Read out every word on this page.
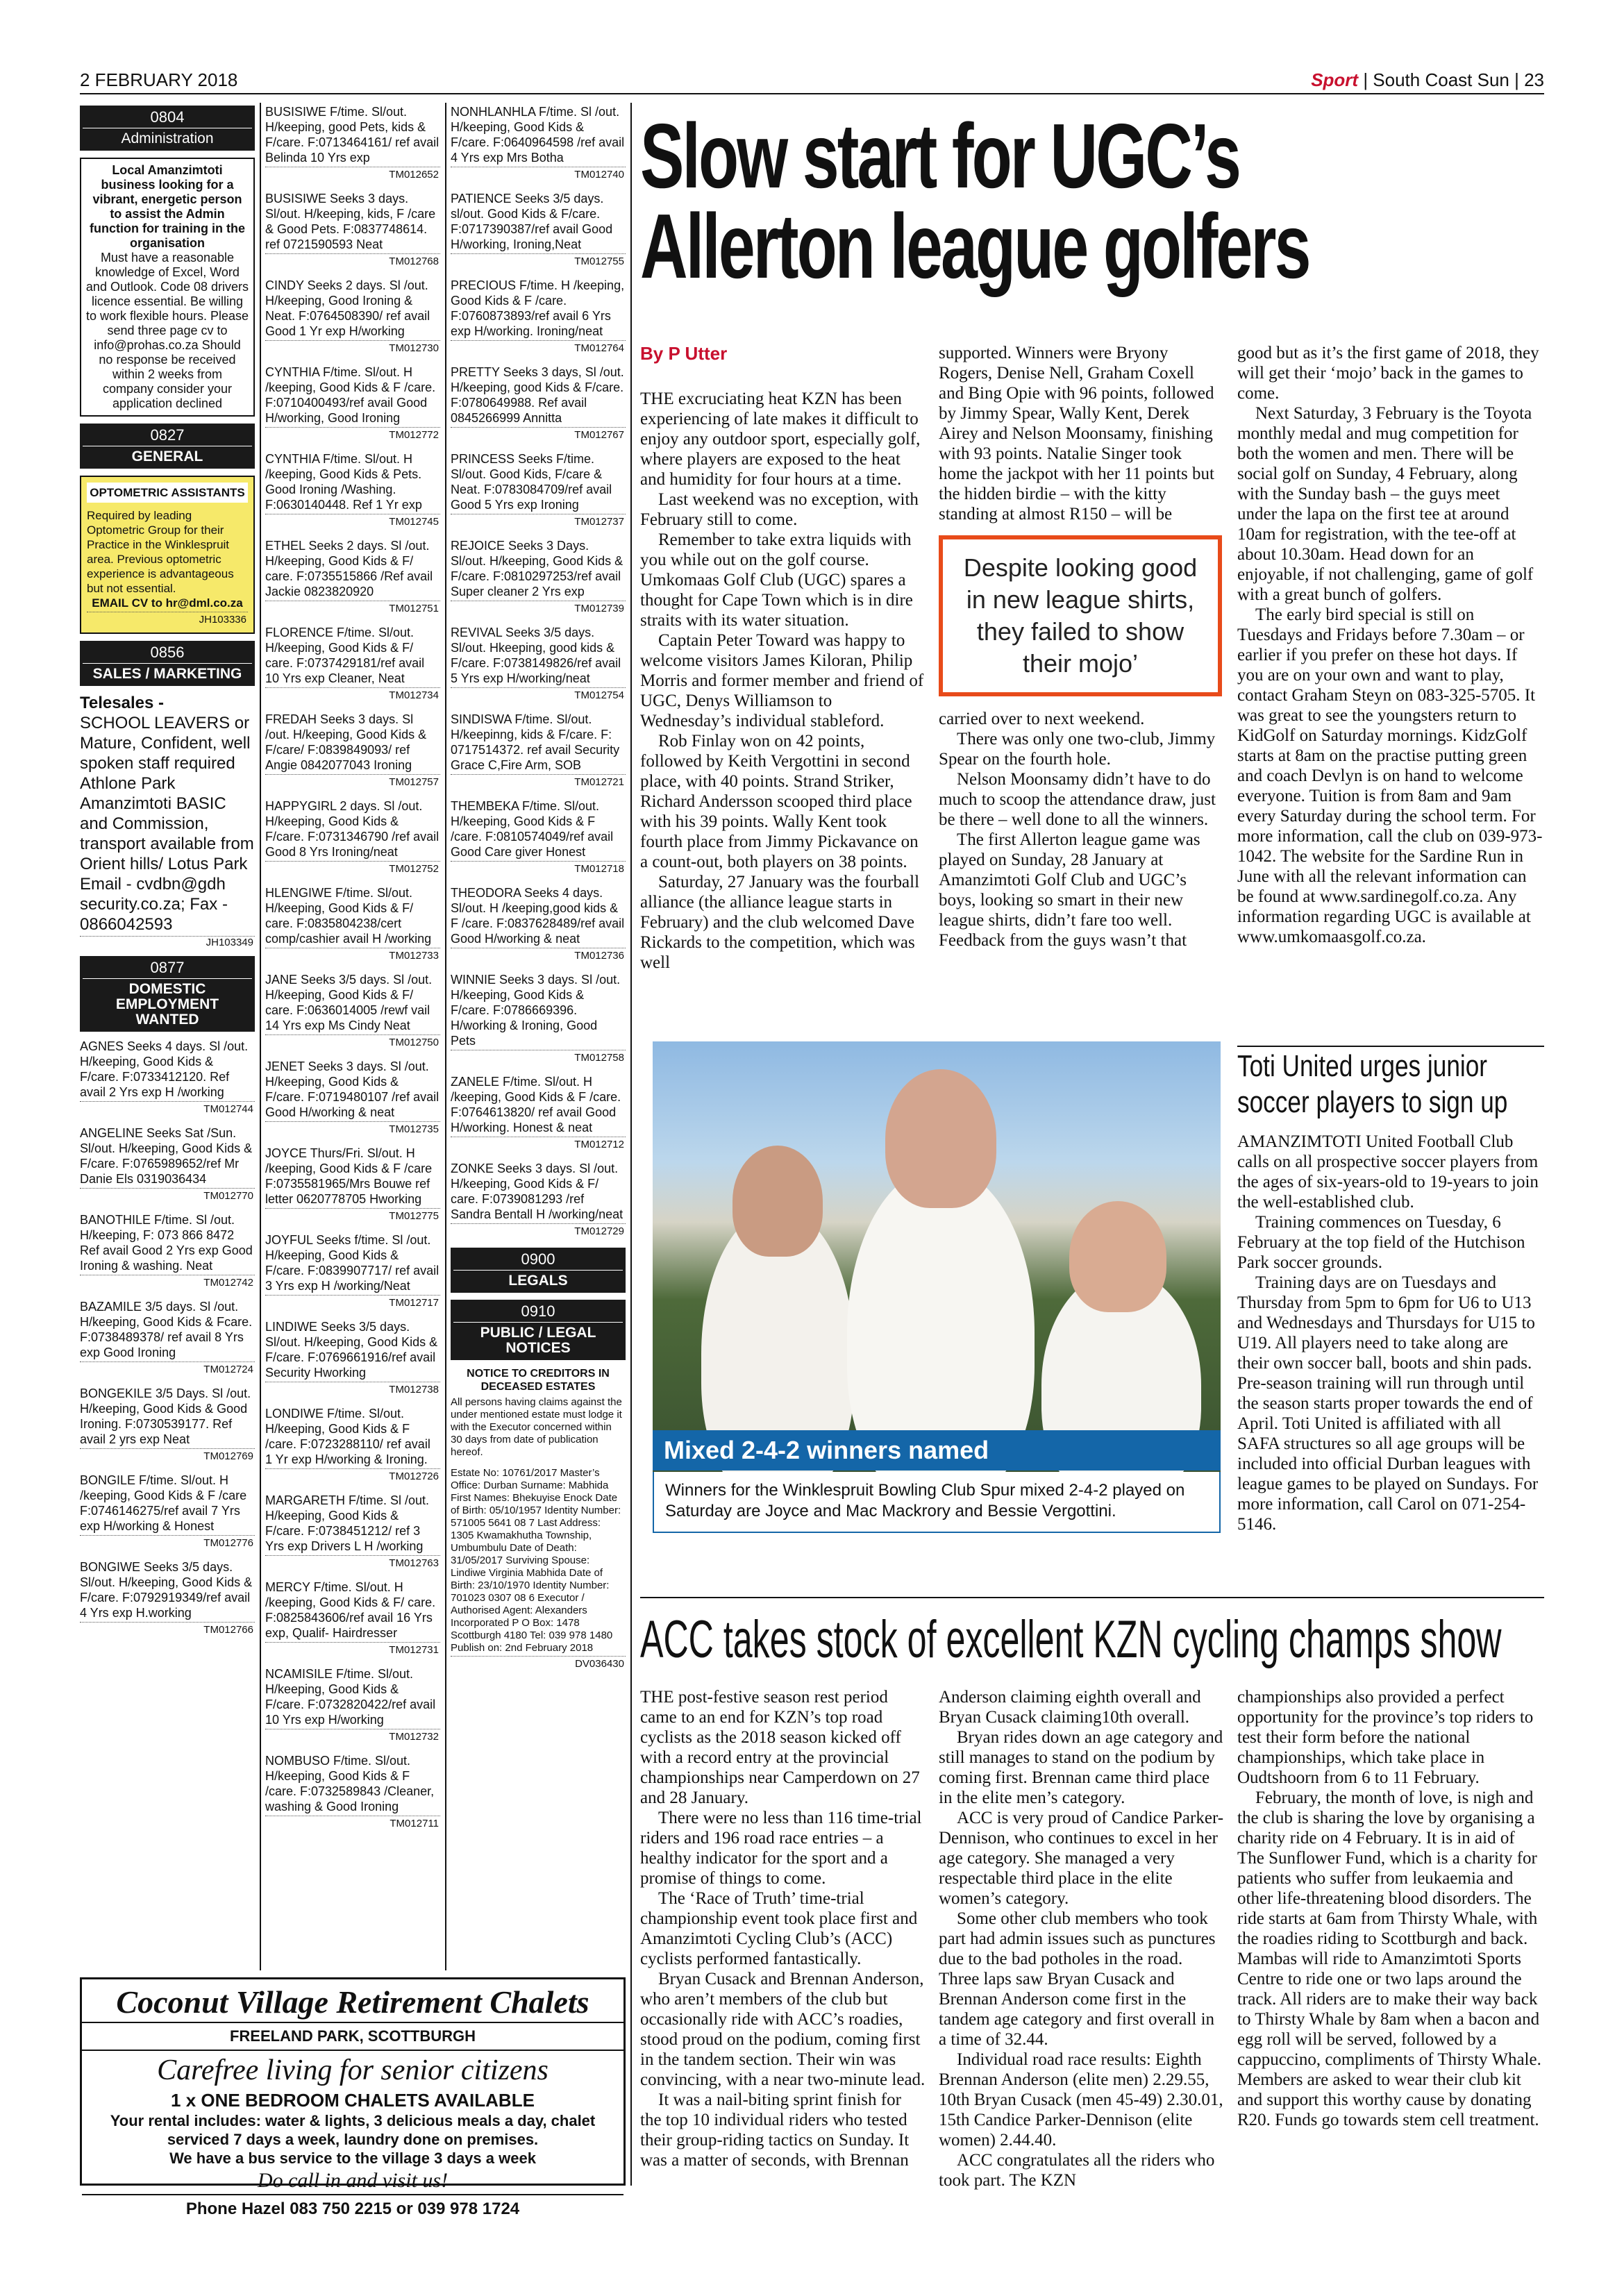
2 FEBRUARY 2018	Sport | South Coast Sun | 23
0804
Administration
Local Amanzimtoti business looking for a vibrant, energetic person to assist the Admin function for training in the organisation
Must have a reasonable knowledge of Excel, Word and Outlook. Code 08 drivers licence essential. Be willing to work flexible hours. Please send three page cv to info@prohas.co.za Should no response be received within 2 weeks from company consider your application declined
0827
GENERAL
OPTOMETRIC ASSISTANTS
Required by leading Optometric Group for their Practice in the Winklespruit area. Previous optometric experience is advantageous but not essential.
EMAIL CV to hr@dml.co.za
JH103336
0856
SALES / MARKETING
Telesales -
SCHOOL LEAVERS or Mature, Confident, well spoken staff required Athlone Park Amanzimtoti BASIC and Commission, transport available from Orient hills/ Lotus Park Email - cvdbn@gdh security.co.za; Fax - 0866042593
JH103349
0877
DOMESTIC EMPLOYMENT WANTED
AGNES Seeks 4 days. Sl /out. H/keeping, Good Kids & F/care. F:0733412120. Ref avail 2 Yrs exp H /working
TM012744
ANGELINE Seeks Sat /Sun. Sl/out. H/keeping, Good Kids & F/care. F:0765989652/ref Mr Danie Els 0319036434
TM012770
BANOTHILE F/time. Sl /out. H/keeping, F: 073 866 8472 Ref avail Good 2 Yrs exp Good Ironing & washing. Neat
TM012742
BAZAMILE 3/5 days. Sl /out. H/keeping, Good Kids & Fcare. F:0738489378/ ref avail 8 Yrs exp Good Ironing
TM012724
BONGEKILE 3/5 Days. Sl /out. H/keeping, Good Kids & Good Ironing. F:0730539177. Ref avail 2 yrs exp Neat
TM012769
BONGILE F/time. Sl/out. H /keeping, Good Kids & F /care F:0746146275/ref avail 7 Yrs exp H/working & Honest
TM012776
BONGIWE Seeks 3/5 days. Sl/out. H/keeping, Good Kids & F/care. F:0792919349/ref avail 4 Yrs exp H.working
TM012766
BUSISIWE F/time. Sl/out. H/keeping, good Pets, kids & F/care. F:0713464161/ ref avail Belinda 10 Yrs exp
TM012652
BUSISIWE Seeks 3 days. Sl/out. H/keeping, kids, F /care & Good Pets. F:0837748614. ref 0721590593 Neat
TM012768
CINDY Seeks 2 days. Sl /out. H/keeping, Good Ironing & Neat. F:0764508390/ ref avail Good 1 Yr exp H/working
TM012730
CYNTHIA F/time. Sl/out. H /keeping, Good Kids & F /care. F:0710400493/ref avail Good H/working, Good Ironing
TM012772
CYNTHIA F/time. Sl/out. H /keeping, Good Kids & Pets. Good Ironing /Washing. F:0630140448. Ref 1 Yr exp
TM012745
ETHEL Seeks 2 days. Sl /out. H/keeping, Good Kids & F/ care. F:0735515866 /Ref avail Jackie 0823820920
TM012751
FLORENCE F/time. Sl/out. H/keeping, Good Kids & F/ care. F:0737429181/ref avail 10 Yrs exp Cleaner, Neat
TM012734
FREDAH Seeks 3 days. Sl /out. H/keeping, Good Kids & F/care/ F:0839849093/ ref Angie 0842077043 Ironing
TM012757
HAPPYGIRL 2 days. Sl /out. H/keeping, Good Kids & F/care. F:0731346790 /ref avail Good 8 Yrs Ironing/neat
TM012752
HLENGIWE F/time. Sl/out. H/keeping, Good Kids & F/ care. F:0835804238/cert comp/cashier avail H /working
TM012733
JANE Seeks 3/5 days. Sl /out. H/keeping, Good Kids & F/ care. F:0636014005 /rewf vail 14 Yrs exp Ms Cindy Neat
TM012750
JENET Seeks 3 days. Sl /out. H/keeping, Good Kids & F/care. F:0719480107 /ref avail Good H/working & neat
TM012735
JOYCE Thurs/Fri. Sl/out. H /keeping, Good Kids & F /care F:0735581965/Mrs Bouwe ref letter 0620778705 Hworking
TM012775
JOYFUL Seeks f/time. Sl /out. H/keeping, Good Kids & F/care. F:0839907717/ ref avail 3 Yrs exp H /working/Neat
TM012717
LINDIWE Seeks 3/5 days. Sl/out. H/keeping, Good Kids & F/care. F:0769661916/ref avail Security Hworking
TM012738
LONDIWE F/time. Sl/out. H/keeping, Good Kids & F /care. F:0723288110/ ref avail 1 Yr exp H/working & Ironing.
TM012726
MARGARETH F/time. Sl /out. H/keeping, Good Kids & F/care. F:0738451212/ ref 3 Yrs exp Drivers L H /working
TM012763
MERCY F/time. Sl/out. H /keeping, Good Kids & F/ care. F:0825843606/ref avail 16 Yrs exp, Qualif- Hairdresser
TM012731
NCAMISILE F/time. Sl/out. H/keeping, Good Kids & F/care. F:0732820422/ref avail 10 Yrs exp H/working
TM012732
NOMBUSO F/time. Sl/out. H/keeping, Good Kids & F /care. F:0732589843 /Cleaner, washing & Good Ironing
TM012711
NONHLANHLA F/time. Sl /out. H/keeping, Good Kids & F/care. F:0640964598 /ref avail 4 Yrs exp Mrs Botha
TM012740
PATIENCE Seeks 3/5 days. sl/out. Good Kids & F/care. F:0717390387/ref avail Good H/working, Ironing,Neat
TM012755
PRECIOUS F/time. H /keeping, Good Kids & F /care. F:0760873893/ref avail 6 Yrs exp H/working. Ironing/neat
TM012764
PRETTY Seeks 3 days, Sl /out. H/keeping, good Kids & F/care. F:0780649988. Ref avail 0845266999 Annitta
TM012767
PRINCESS Seeks F/time. Sl/out. Good Kids, F/care & Neat. F:0783084709/ref avail Good 5 Yrs exp Ironing
TM012737
REJOICE Seeks 3 Days. Sl/out. H/keeping, Good Kids & F/care. F:0810297253/ref avail Super cleaner 2 Yrs exp
TM012739
REVIVAL Seeks 3/5 days. Sl/out. Hkeeping, good kids & F/care. F:0738149826/ref avail 5 Yrs exp H/working/neat
TM012754
SINDISWA F/time. Sl/out. H/keepinng, kids & F/care. F: 0717514372. ref avail Security Grace C,Fire Arm, SOB
TM012721
THEMBEKA F/time. Sl/out. H/keeping, Good Kids & F /care. F:0810574049/ref avail Good Care giver Honest
TM012718
THEODORA Seeks 4 days. Sl/out. H /keeping,good kids & F /care. F:0837628489/ref avail Good H/working & neat
TM012736
WINNIE Seeks 3 days. Sl /out. H/keeping, Good Kids & F/care. F:0786669396. H/working & Ironing, Good Pets
TM012758
ZANELE F/time. Sl/out. H /keeping, Good Kids & F /care. F:0764613820/ ref avail Good H/working. Honest & neat
TM012712
ZONKE Seeks 3 days. Sl /out. H/keeping, Good Kids & F/ care. F:0739081293 /ref Sandra Bentall H /working/neat
TM012729
0900
LEGALS
0910
PUBLIC / LEGAL NOTICES
NOTICE TO CREDITORS IN DECEASED ESTATES
All persons having claims against the under mentioned estate must lodge it with the Executor concerned within 30 days from date of publication hereof.
Estate No: 10761/2017 Master’s Office: Durban Surname: Mabhida First Names: Bhekuyise Enock Date of Birth: 05/10/1957 Identity Number: 571005 5641 08 7 Last Address: 1305 Kwamakhutha Township, Umbumbulu Date of Death: 31/05/2017 Surviving Spouse: Lindiwe Virginia Mabhida Date of Birth: 23/10/1970 Identity Number: 701023 0307 08 6 Executor / Authorised Agent: Alexanders Incorporated P O Box: 1478 Scottburgh 4180 Tel: 039 978 1480 Publish on: 2nd February 2018
DV036430
Coconut Village Retirement Chalets
FREELAND PARK, SCOTTBURGH
Carefree living for senior citizens
1 x ONE BEDROOM CHALETS AVAILABLE
Your rental includes: water & lights, 3 delicious meals a day, chalet serviced 7 days a week, laundry done on premises.
We have a bus service to the village 3 days a week
Do call in and visit us!
Phone Hazel 083 750 2215 or 039 978 1724
Slow start for UGC’s
Allerton league golfers
By P Utter

THE excruciating heat KZN has been experiencing of late makes it difficult to enjoy any outdoor sport, especially golf, where players are exposed to the heat and humidity for four hours at a time.

Last weekend was no exception, with February still to come.

Remember to take extra liquids with you while out on the golf course. Umkomaas Golf Club (UGC) spares a thought for Cape Town which is in dire straits with its water situation.

Captain Peter Toward was happy to welcome visitors James Kiloran, Philip Morris and former member and friend of UGC, Denys Williamson to Wednesday’s individual stableford.

Rob Finlay won on 42 points, followed by Keith Vergottini in second place, with 40 points. Strand Striker, Richard Andersson scooped third place with his 39 points. Wally Kent took fourth place from Jimmy Pickavance on a count-out, both players on 38 points.

Saturday, 27 January was the fourball alliance (the alliance league starts in February) and the club welcomed Dave Rickards to the competition, which was well

supported. Winners were Bryony Rogers, Denise Nell, Graham Coxell and Bing Opie with 96 points, followed by Jimmy Spear, Wally Kent, Derek Airey and Nelson Moonsamy, finishing with 93 points. Natalie Singer took home the jackpot with her 11 points but the hidden birdie – with the kitty standing at almost R150 – will be

Despite looking good in new league shirts, they failed to show their mojo’

carried over to next weekend.

There was only one two-club, Jimmy Spear on the fourth hole.

Nelson Moonsamy didn’t have to do much to scoop the attendance draw, just be there – well done to all the winners.

The first Allerton league game was played on Sunday, 28 January at Amanzimtoti Golf Club and UGC’s boys, looking so smart in their new league shirts, didn’t fare too well. Feedback from the guys wasn’t that

good but as it’s the first game of 2018, they will get their ‘mojo’ back in the games to come.

Next Saturday, 3 February is the Toyota monthly medal and mug competition for both the women and men. There will be social golf on Sunday, 4 February, along with the Sunday bash – the guys meet under the lapa on the first tee at around 10am for registration, with the tee-off at about 10.30am. Head down for an enjoyable, if not challenging, game of golf with a great bunch of golfers.

The early bird special is still on Tuesdays and Fridays before 7.30am – or earlier if you prefer on these hot days. If you are on your own and want to play, contact Graham Steyn on 083-325-5705. It was great to see the youngsters return to KidGolf on Saturday mornings. KidzGolf starts at 8am on the practise putting green and coach Devlyn is on hand to welcome everyone. Tuition is from 8am and 9am every Saturday during the school term. For more information, call the club on 039-973-1042. The website for the Sardine Run in June with all the relevant information can be found at www.sardinegolf.co.za. Any information regarding UGC is available at www.umkomaasgolf.co.za.

Mixed 2-4-2 winners named
Winners for the Winklespruit Bowling Club Spur mixed 2-4-2 played on Saturday are Joyce and Mac Mackrory and Bessie Vergottini.
Toti United urges junior
soccer players to sign up

AMANZIMTOTI United Football Club calls on all prospective soccer players from the ages of six-years-old to 19-years to join the well-established club.

Training commences on Tuesday, 6 February at the top field of the Hutchison Park soccer grounds.

Training days are on Tuesdays and Thursday from 5pm to 6pm for U6 to U13 and Wednesdays and Thursdays for U15 to U19. All players need to take along are their own soccer ball, boots and shin pads. Pre-season training will run through until the season starts proper towards the end of April. Toti United is affiliated with all SAFA structures so all age groups will be included into official Durban leagues with league games to be played on Sundays. For more information, call Carol on 071-254-5146.

ACC takes stock of excellent KZN cycling champs show

THE post-festive season rest period came to an end for KZN’s top road cyclists as the 2018 season kicked off with a record entry at the provincial championships near Camperdown on 27 and 28 January.

There were no less than 116 time-trial riders and 196 road race entries – a healthy indicator for the sport and a promise of things to come.

The ‘Race of Truth’ time-trial championship event took place first and Amanzimtoti Cycling Club’s (ACC) cyclists performed fantastically.

Bryan Cusack and Brennan Anderson, who aren’t members of the club but occasionally ride with ACC’s roadies, stood proud on the podium, coming first in the tandem section. Their win was convincing, with a near two-minute lead.

It was a nail-biting sprint finish for the top 10 individual riders who tested their group-riding tactics on Sunday. It was a matter of seconds, with Brennan

Anderson claiming eighth overall and Bryan Cusack claiming10th overall.

Bryan rides down an age category and still manages to stand on the podium by coming first. Brennan came third place in the elite men’s category.

ACC is very proud of Candice Parker-Dennison, who continues to excel in her age category. She managed a very respectable third place in the elite women’s category.

Some other club members who took part had admin issues such as punctures due to the bad potholes in the road. Three laps saw Bryan Cusack and Brennan Anderson come first in the tandem age category and first overall in a time of 32.44.

Individual road race results: Eighth Brennan Anderson (elite men) 2.29.55, 10th Bryan Cusack (men 45-49) 2.30.01, 15th Candice Parker-Dennison (elite women) 2.44.40.

ACC congratulates all the riders who took part. The KZN

championships also provided a perfect opportunity for the province’s top riders to test their form before the national championships, which take place in Oudtshoorn from 6 to 11 February.

February, the month of love, is nigh and the club is sharing the love by organising a charity ride on 4 February. It is in aid of The Sunflower Fund, which is a charity for patients who suffer from leukaemia and other life-threatening blood disorders. The ride starts at 6am from Thirsty Whale, with the roadies riding to Scottburgh and back. Mambas will ride to Amanzimtoti Sports Centre to ride one or two laps around the track. All riders are to make their way back to Thirsty Whale by 8am when a bacon and egg roll will be served, followed by a cappuccino, compliments of Thirsty Whale. Members are asked to wear their club kit and support this worthy cause by donating R20. Funds go towards stem cell treatment.
